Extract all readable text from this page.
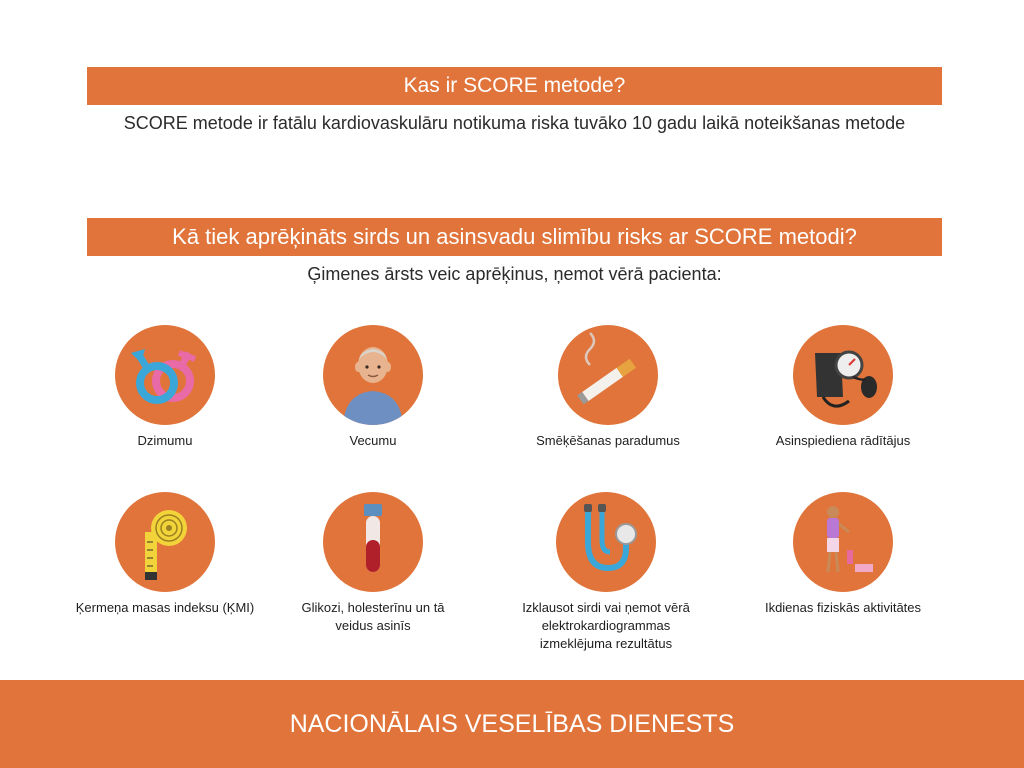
Kas ir SCORE metode?
SCORE metode ir fatālu kardiovaskulāru notikuma riska tuvāko 10 gadu laikā noteikšanas metode
Kā tiek aprēķināts sirds un asinsvadu slimību risks ar SCORE metodi?
Ģimenes ārsts veic aprēķinus, ņemot vērā pacienta:
Dzimumu	Vecumu	Smēķēšanas paradumus	Asinspiediena rādītājus
Ķermeņa masas indeksu (ĶMI)	Glikozi, holesterīnu un tā veidus asinīs
Izklausot sirdi vai ņemot vērā elektrokardiogrammas izmeklējuma rezultātus
Ikdienas fiziskās aktivitātes
NACIONĀLAIS VESELĪBAS DIENESTS
